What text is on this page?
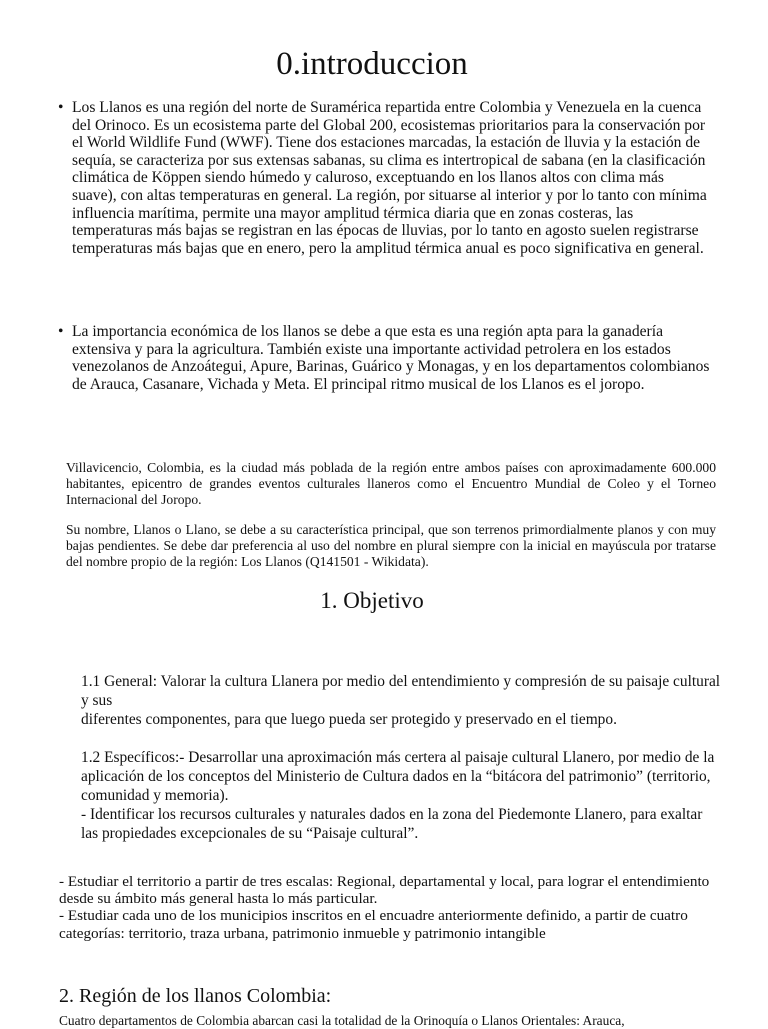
0.introduccion
• Los Llanos es una región del norte de Suramérica repartida entre Colombia y Venezuela en la cuenca del Orinoco. Es un ecosistema parte del Global 200, ecosistemas prioritarios para la conservación por el World Wildlife Fund (WWF). Tiene dos estaciones marcadas, la estación de lluvia y la estación de sequía, se caracteriza por sus extensas sabanas, su clima es intertropical de sabana (en la clasificación climática de Köppen siendo húmedo y caluroso, exceptuando en los llanos altos con clima más suave), con altas temperaturas en general. La región, por situarse al interior y por lo tanto con mínima influencia marítima, permite una mayor amplitud térmica diaria que en zonas costeras, las temperaturas más bajas se registran en las épocas de lluvias, por lo tanto en agosto suelen registrarse temperaturas más bajas que en enero, pero la amplitud térmica anual es poco significativa en general.
• La importancia económica de los llanos se debe a que esta es una región apta para la ganadería extensiva y para la agricultura. También existe una importante actividad petrolera en los estados venezolanos de Anzoátegui, Apure, Barinas, Guárico y Monagas, y en los departamentos colombianos de Arauca, Casanare, Vichada y Meta. El principal ritmo musical de los Llanos es el joropo.
Villavicencio, Colombia, es la ciudad más poblada de la región entre ambos países con aproximadamente 600.000 habitantes, epicentro de grandes eventos culturales llaneros como el Encuentro Mundial de Coleo y el Torneo Internacional del Joropo.
Su nombre, Llanos o Llano, se debe a su característica principal, que son terrenos primordialmente planos y con muy bajas pendientes. Se debe dar preferencia al uso del nombre en plural siempre con la inicial en mayúscula por tratarse del nombre propio de la región: Los Llanos (Q141501 - Wikidata).
1. Objetivo
1.1 General: Valorar la cultura Llanera por medio del entendimiento y compresión de su paisaje cultural y sus
diferentes componentes, para que luego pueda ser protegido y preservado en el tiempo.
1.2 Específicos:- Desarrollar una aproximación más certera al paisaje cultural Llanero, por medio de la
aplicación de los conceptos del Ministerio de Cultura dados en la “bitácora del patrimonio” (territorio, comunidad y memoria).
- Identificar los recursos culturales y naturales dados en la zona del Piedemonte Llanero, para exaltar las propiedades excepcionales de su “Paisaje cultural”.
- Estudiar el territorio a partir de tres escalas: Regional, departamental y local, para lograr el entendimiento desde su ámbito más general hasta lo más particular.
- Estudiar cada uno de los municipios inscritos en el encuadre anteriormente definido, a partir de cuatro categorías: territorio, traza urbana, patrimonio inmueble y patrimonio intangible
2. Región de los llanos Colombia:
Cuatro departamentos de Colombia abarcan casi la totalidad de la Orinoquía o Llanos Orientales: Arauca,
